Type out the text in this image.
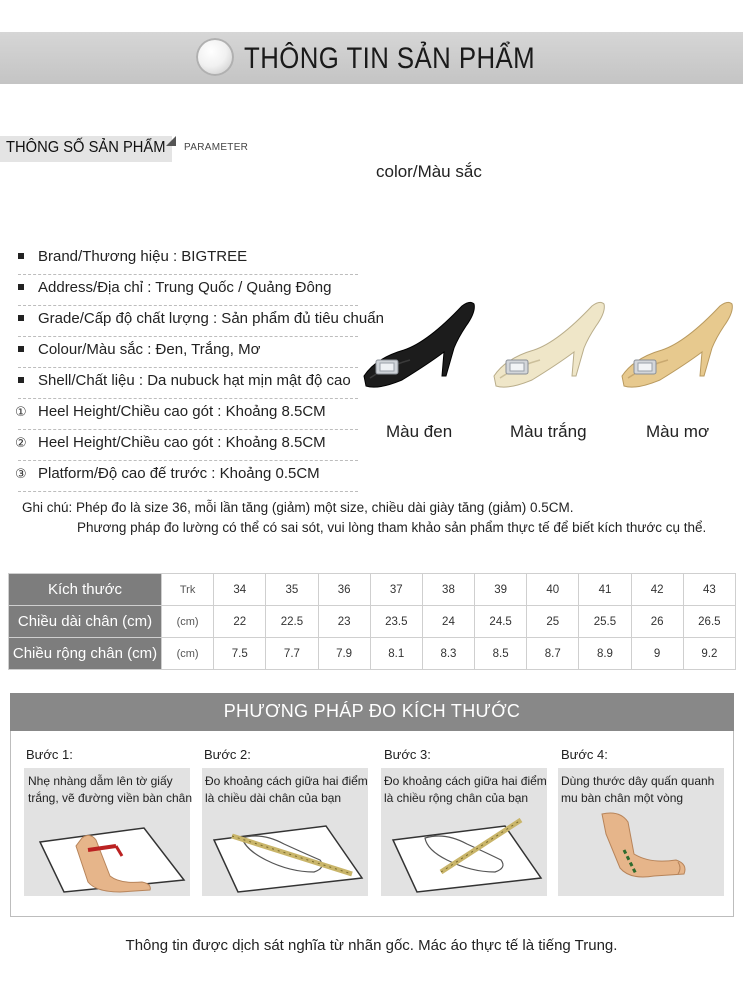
THÔNG TIN SẢN PHẨM
THÔNG SỐ SẢN PHẨM PARAMETER
color/Màu sắc
Brand/Thương hiệu : BIGTREE
Address/Địa chỉ : Trung Quốc / Quảng Đông
Grade/Cấp độ chất lượng : Sản phẩm đủ tiêu chuẩn
Colour/Màu sắc : Đen, Trắng, Mơ
Shell/Chất liệu : Da nubuck hạt mịn mật độ cao
① Heel Height/Chiều cao gót : Khoảng 8.5CM
② Heel Height/Chiều cao gót : Khoảng 8.5CM
③ Platform/Độ cao đế trước : Khoảng 0.5CM
Màu đen	Màu trắng	Màu mơ
Ghi chú: Phép đo là size 36, mỗi lần tăng (giảm) một size, chiều dài giày tăng (giảm) 0.5CM.
Phương pháp đo lường có thể có sai sót, vui lòng tham khảo sản phẩm thực tế để biết kích thước cụ thể.
Kích thước	Trk	34	35	36	37	38	39	40	41	42	43
Chiều dài chân (cm)	(cm)	22	22.5	23	23.5	24	24.5	25	25.5	26	26.5
Chiều rộng chân (cm)	(cm)	7.5	7.7	7.9	8.1	8.3	8.5	8.7	8.9	9	9.2
PHƯƠNG PHÁP ĐO KÍCH THƯỚC
Bước 1:
Nhẹ nhàng dẫm lên tờ giấy
trắng, vẽ đường viền bàn chân
Bước 2:
Đo khoảng cách giữa hai điểm
là chiều dài chân của bạn
Bước 3:
Đo khoảng cách giữa hai điểm
là chiều rộng chân của bạn
Bước 4:
Dùng thước dây quấn quanh
mu bàn chân một vòng
Thông tin được dịch sát nghĩa từ nhãn gốc. Mác áo thực tế là tiếng Trung.
